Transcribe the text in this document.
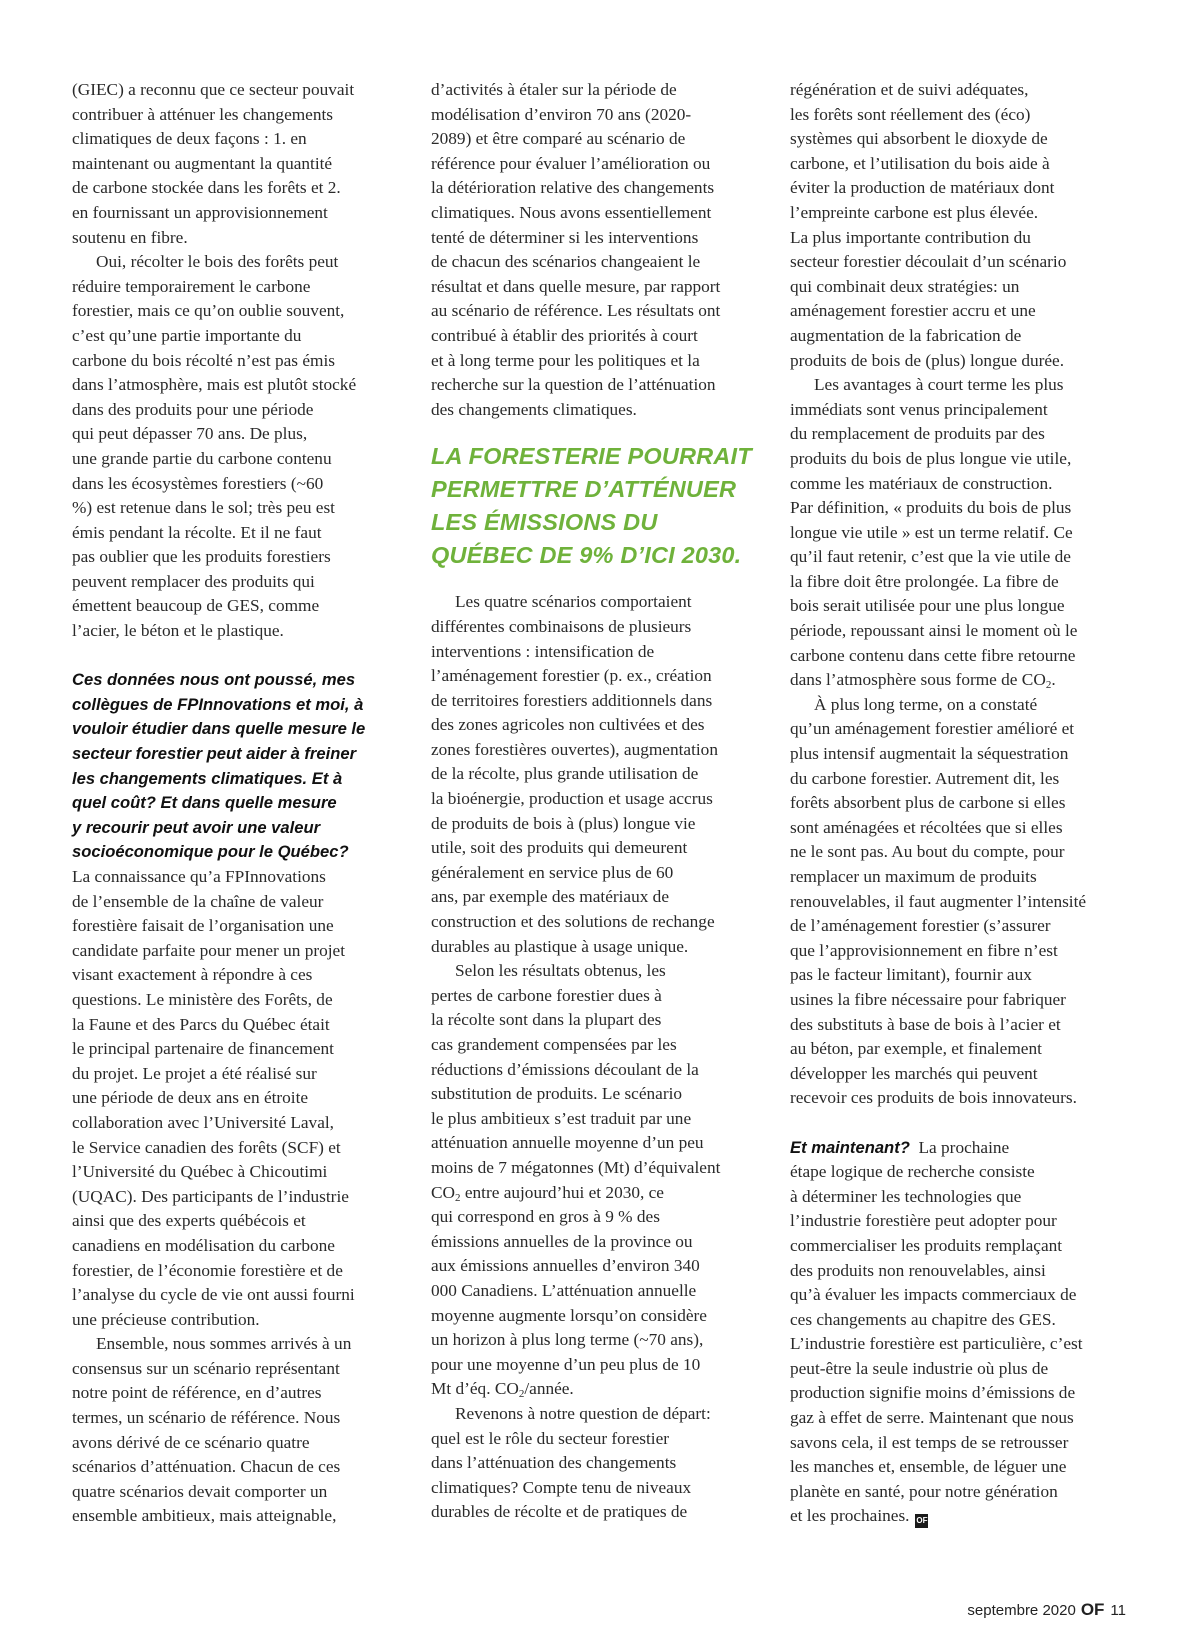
(GIEC) a reconnu que ce secteur pouvait
contribuer à atténuer les changements
climatiques de deux façons : 1. en
maintenant ou augmentant la quantité
de carbone stockée dans les forêts et 2.
en fournissant un approvisionnement
soutenu en fibre.
Oui, récolter le bois des forêts peut
réduire temporairement le carbone
forestier, mais ce qu’on oublie souvent,
c’est qu’une partie importante du
carbone du bois récolté n’est pas émis
dans l’atmosphère, mais est plutôt stocké
dans des produits pour une période
qui peut dépasser 70 ans. De plus,
une grande partie du carbone contenu
dans les écosystèmes forestiers (~60
%) est retenue dans le sol; très peu est
émis pendant la récolte. Et il ne faut
pas oublier que les produits forestiers
peuvent remplacer des produits qui
émettent beaucoup de GES, comme
l’acier, le béton et le plastique.
Ces données nous ont poussé, mes
collègues de FPInnovations et moi, à
vouloir étudier dans quelle mesure le
secteur forestier peut aider à freiner
les changements climatiques. Et à
quel coût? Et dans quelle mesure
y recourir peut avoir une valeur
socioéconomique pour le Québec?
La connaissance qu’a FPInnovations
de l’ensemble de la chaîne de valeur
forestière faisait de l’organisation une
candidate parfaite pour mener un projet
visant exactement à répondre à ces
questions. Le ministère des Forêts, de
la Faune et des Parcs du Québec était
le principal partenaire de financement
du projet. Le projet a été réalisé sur
une période de deux ans en étroite
collaboration avec l’Université Laval,
le Service canadien des forêts (SCF) et
l’Université du Québec à Chicoutimi
(UQAC). Des participants de l’industrie
ainsi que des experts québécois et
canadiens en modélisation du carbone
forestier, de l’économie forestière et de
l’analyse du cycle de vie ont aussi fourni
une précieuse contribution.
Ensemble, nous sommes arrivés à un
consensus sur un scénario représentant
notre point de référence, en d’autres
termes, un scénario de référence. Nous
avons dérivé de ce scénario quatre
scénarios d’atténuation. Chacun de ces
quatre scénarios devait comporter un
ensemble ambitieux, mais atteignable,
d’activités à étaler sur la période de
modélisation d’environ 70 ans (2020-
2089) et être comparé au scénario de
référence pour évaluer l’amélioration ou
la détérioration relative des changements
climatiques. Nous avons essentiellement
tenté de déterminer si les interventions
de chacun des scénarios changeaient le
résultat et dans quelle mesure, par rapport
au scénario de référence. Les résultats ont
contribué à établir des priorités à court
et à long terme pour les politiques et la
recherche sur la question de l’atténuation
des changements climatiques.
LA FORESTERIE POURRAIT
PERMETTRE D’ATTÉNUER
LES ÉMISSIONS DU
QUÉBEC DE 9% D’ICI 2030.
Les quatre scénarios comportaient
différentes combinaisons de plusieurs
interventions : intensification de
l’aménagement forestier (p. ex., création
de territoires forestiers additionnels dans
des zones agricoles non cultivées et des
zones forestières ouvertes), augmentation
de la récolte, plus grande utilisation de
la bioénergie, production et usage accrus
de produits de bois à (plus) longue vie
utile, soit des produits qui demeurent
généralement en service plus de 60
ans, par exemple des matériaux de
construction et des solutions de rechange
durables au plastique à usage unique.
Selon les résultats obtenus, les
pertes de carbone forestier dues à
la récolte sont dans la plupart des
cas grandement compensées par les
réductions d’émissions découlant de la
substitution de produits. Le scénario
le plus ambitieux s’est traduit par une
atténuation annuelle moyenne d’un peu
moins de 7 mégatonnes (Mt) d’équivalent
$CO_2$ entre aujourd’hui et 2030, ce
qui correspond en gros à 9 % des
émissions annuelles de la province ou
aux émissions annuelles d’environ 340
000 Canadiens. L’atténuation annuelle
moyenne augmente lorsqu’on considère
un horizon à plus long terme (~70 ans),
pour une moyenne d’un peu plus de 10
Mt d’éq. $CO_2$/année.
Revenons à notre question de départ:
quel est le rôle du secteur forestier
dans l’atténuation des changements
climatiques? Compte tenu de niveaux
durables de récolte et de pratiques de
régénération et de suivi adéquates,
les forêts sont réellement des (éco)
systèmes qui absorbent le dioxyde de
carbone, et l’utilisation du bois aide à
éviter la production de matériaux dont
l’empreinte carbone est plus élevée.
La plus importante contribution du
secteur forestier découlait d’un scénario
qui combinait deux stratégies: un
aménagement forestier accru et une
augmentation de la fabrication de
produits de bois de (plus) longue durée.
Les avantages à court terme les plus
immédiats sont venus principalement
du remplacement de produits par des
produits du bois de plus longue vie utile,
comme les matériaux de construction.
Par définition, « produits du bois de plus
longue vie utile » est un terme relatif. Ce
qu’il faut retenir, c’est que la vie utile de
la fibre doit être prolongée. La fibre de
bois serait utilisée pour une plus longue
période, repoussant ainsi le moment où le
carbone contenu dans cette fibre retourne
dans l’atmosphère sous forme de $CO_2$.
À plus long terme, on a constaté
qu’un aménagement forestier amélioré et
plus intensif augmentait la séquestration
du carbone forestier. Autrement dit, les
forêts absorbent plus de carbone si elles
sont aménagées et récoltées que si elles
ne le sont pas. Au bout du compte, pour
remplacer un maximum de produits
renouvelables, il faut augmenter l’intensité
de l’aménagement forestier (s’assurer
que l’approvisionnement en fibre n’est
pas le facteur limitant), fournir aux
usines la fibre nécessaire pour fabriquer
des substituts à base de bois à l’acier et
au béton, par exemple, et finalement
développer les marchés qui peuvent
recevoir ces produits de bois innovateurs.
Et maintenant?  La prochaine
étape logique de recherche consiste
à déterminer les technologies que
l’industrie forestière peut adopter pour
commercialiser les produits remplaçant
des produits non renouvelables, ainsi
qu’à évaluer les impacts commerciaux de
ces changements au chapitre des GES.
L’industrie forestière est particulière, c’est
peut-être la seule industrie où plus de
production signifie moins d’émissions de
gaz à effet de serre. Maintenant que nous
savons cela, il est temps de se retrousser
les manches et, ensemble, de léguer une
planète en santé, pour notre génération
et les prochaines. OF
septembre 2020 OF 11
